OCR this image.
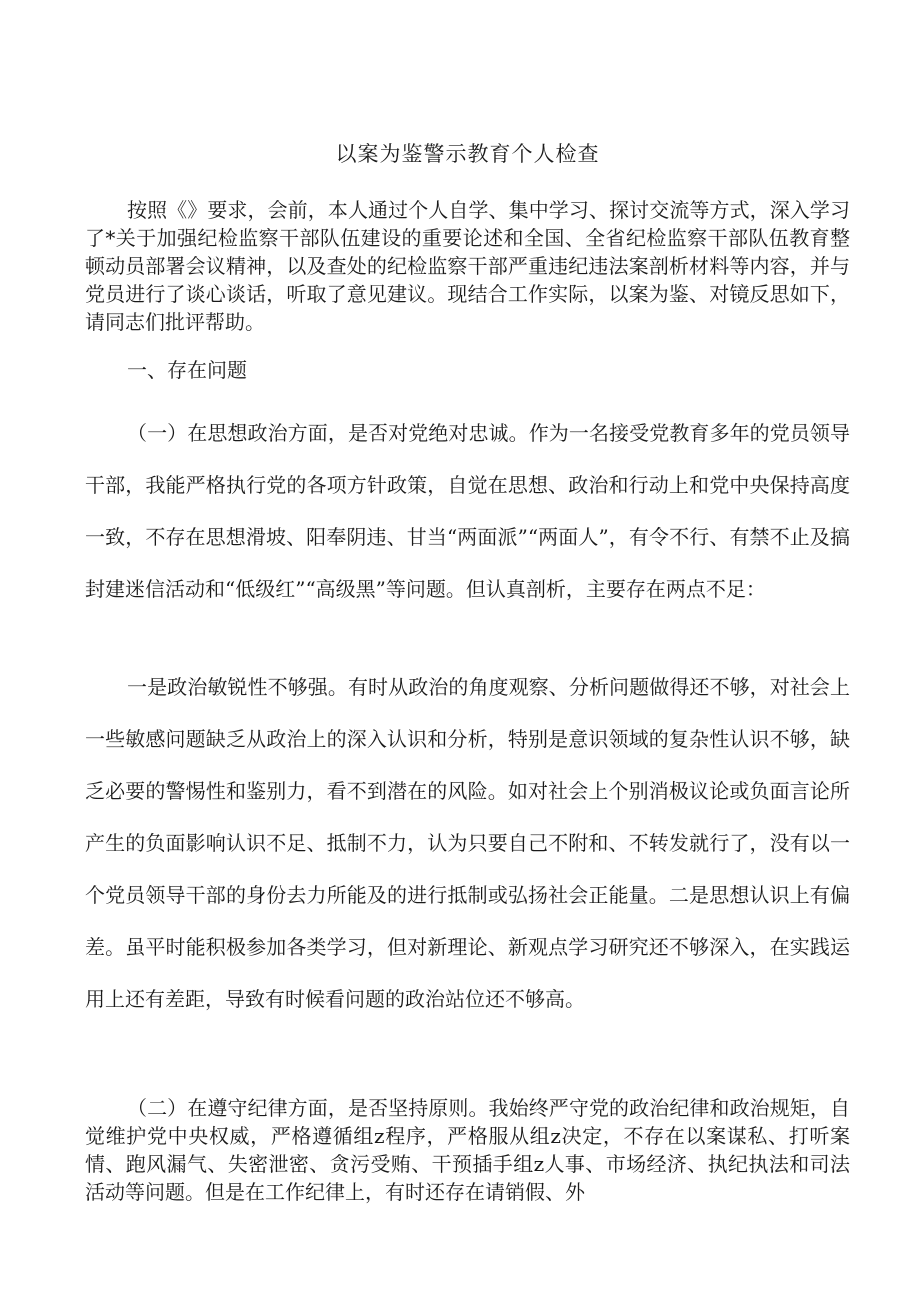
以案为鉴警示教育个人检查

按照《》要求，会前，本人通过个人自学、集中学习、探讨交流等方式，深入学习了*关于加强纪检监察干部队伍建设的重要论述和全国、全省纪检监察干部队伍教育整顿动员部署会议精神，以及查处的纪检监察干部严重违纪违法案剖析材料等内容，并与党员进行了谈心谈话，听取了意见建议。现结合工作实际，以案为鉴、对镜反思如下，请同志们批评帮助。

一、存在问题

（一）在思想政治方面，是否对党绝对忠诚。作为一名接受党教育多年的党员领导干部，我能严格执行党的各项方针政策，自觉在思想、政治和行动上和党中央保持高度一致，不存在思想滑坡、阳奉阴违、甘当“两面派”“两面人”，有令不行、有禁不止及搞封建迷信活动和“低级红”“高级黑”等问题。但认真剖析，主要存在两点不足：

一是政治敏锐性不够强。有时从政治的角度观察、分析问题做得还不够，对社会上一些敏感问题缺乏从政治上的深入认识和分析，特别是意识领域的复杂性认识不够，缺乏必要的警惕性和鉴别力，看不到潜在的风险。如对社会上个别消极议论或负面言论所产生的负面影响认识不足、抵制不力，认为只要自己不附和、不转发就行了，没有以一个党员领导干部的身份去力所能及的进行抵制或弘扬社会正能量。二是思想认识上有偏差。虽平时能积极参加各类学习，但对新理论、新观点学习研究还不够深入，在实践运用上还有差距，导致有时候看问题的政治站位还不够高。

（二）在遵守纪律方面，是否坚持原则。我始终严守党的政治纪律和政治规矩，自觉维护党中央权威，严格遵循组z程序，严格服从组z决定，不存在以案谋私、打听案情、跑风漏气、失密泄密、贪污受贿、干预插手组z人事、市场经济、执纪执法和司法活动等问题。但是在工作纪律上，有时还存在请销假、外
